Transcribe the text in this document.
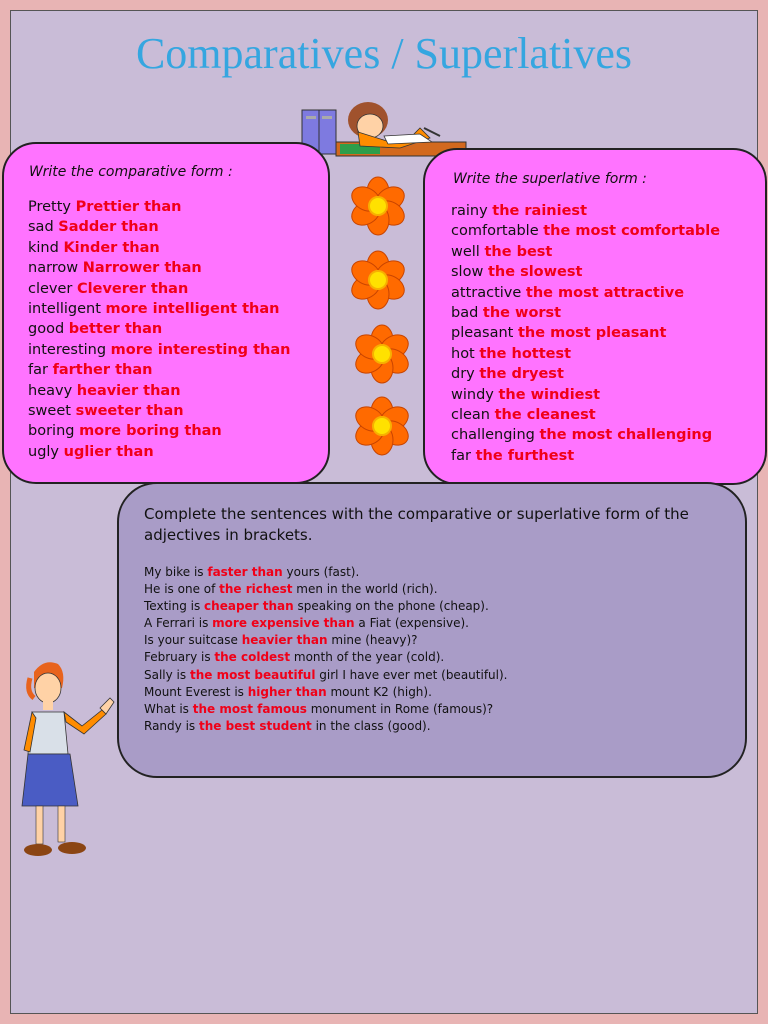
Comparatives / Superlatives
Write the comparative form :
Pretty Prettier than
sad Sadder than
kind Kinder than
narrow Narrower than
clever Cleverer than
intelligent more intelligent than
good better than
interesting more interesting than
far farther than
heavy heavier than
sweet sweeter than
boring more boring than
ugly uglier than
Write the superlative form :
rainy the rainiest
comfortable the most comfortable
well the best
slow the slowest
attractive the most attractive
bad the worst
pleasant the most pleasant
hot the hottest
dry the dryest
windy the windiest
clean the cleanest
challenging the most challenging
far the furthest
Complete the sentences with the comparative or superlative form of the adjectives in brackets.
My bike is faster than yours (fast).
He is one of the richest men in the world (rich).
Texting is cheaper than speaking on the phone (cheap).
A Ferrari is more expensive than a Fiat (expensive).
Is your suitcase heavier than mine (heavy)?
February is the coldest month of the year (cold).
Sally is the most beautiful girl I have ever met (beautiful).
Mount Everest is higher than mount K2 (high).
What is the most famous monument in Rome (famous)?
Randy is the best student in the class (good).
